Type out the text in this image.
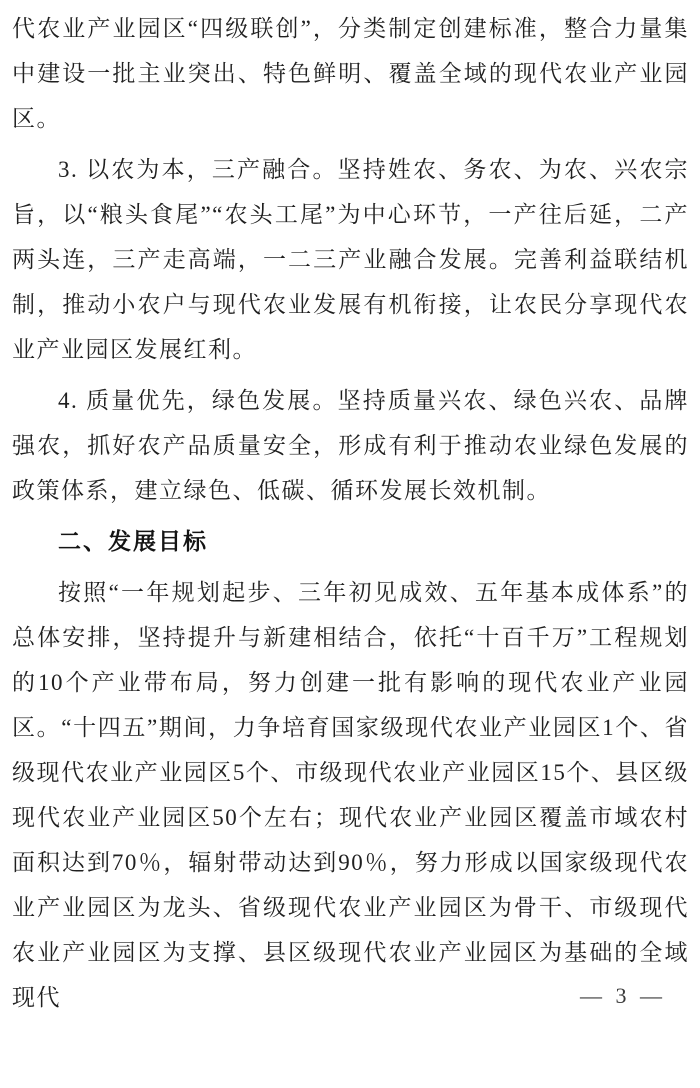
代农业产业园区“四级联创”，分类制定创建标准，整合力量集中建设一批主业突出、特色鲜明、覆盖全域的现代农业产业园区。

3. 以农为本，三产融合。坚持姓农、务农、为农、兴农宗旨，以“粮头食尾”“农头工尾”为中心环节，一产往后延，二产两头连，三产走高端，一二三产业融合发展。完善利益联结机制，推动小农户与现代农业发展有机衔接，让农民分享现代农业产业园区发展红利。

4. 质量优先，绿色发展。坚持质量兴农、绿色兴农、品牌强农，抓好农产品质量安全，形成有利于推动农业绿色发展的政策体系，建立绿色、低碳、循环发展长效机制。

二、发展目标

按照“一年规划起步、三年初见成效、五年基本成体系”的总体安排，坚持提升与新建相结合，依托“十百千万”工程规划的10个产业带布局，努力创建一批有影响的现代农业产业园区。“十四五”期间，力争培育国家级现代农业产业园区1个、省级现代农业产业园区5个、市级现代农业产业园区15个、县区级现代农业产业园区50个左右；现代农业产业园区覆盖市域农村面积达到70％，辐射带动达到90％，努力形成以国家级现代农业产业园区为龙头、省级现代农业产业园区为骨干、市级现代农业产业园区为支撑、县区级现代农业产业园区为基础的全域现代	— 3 —
